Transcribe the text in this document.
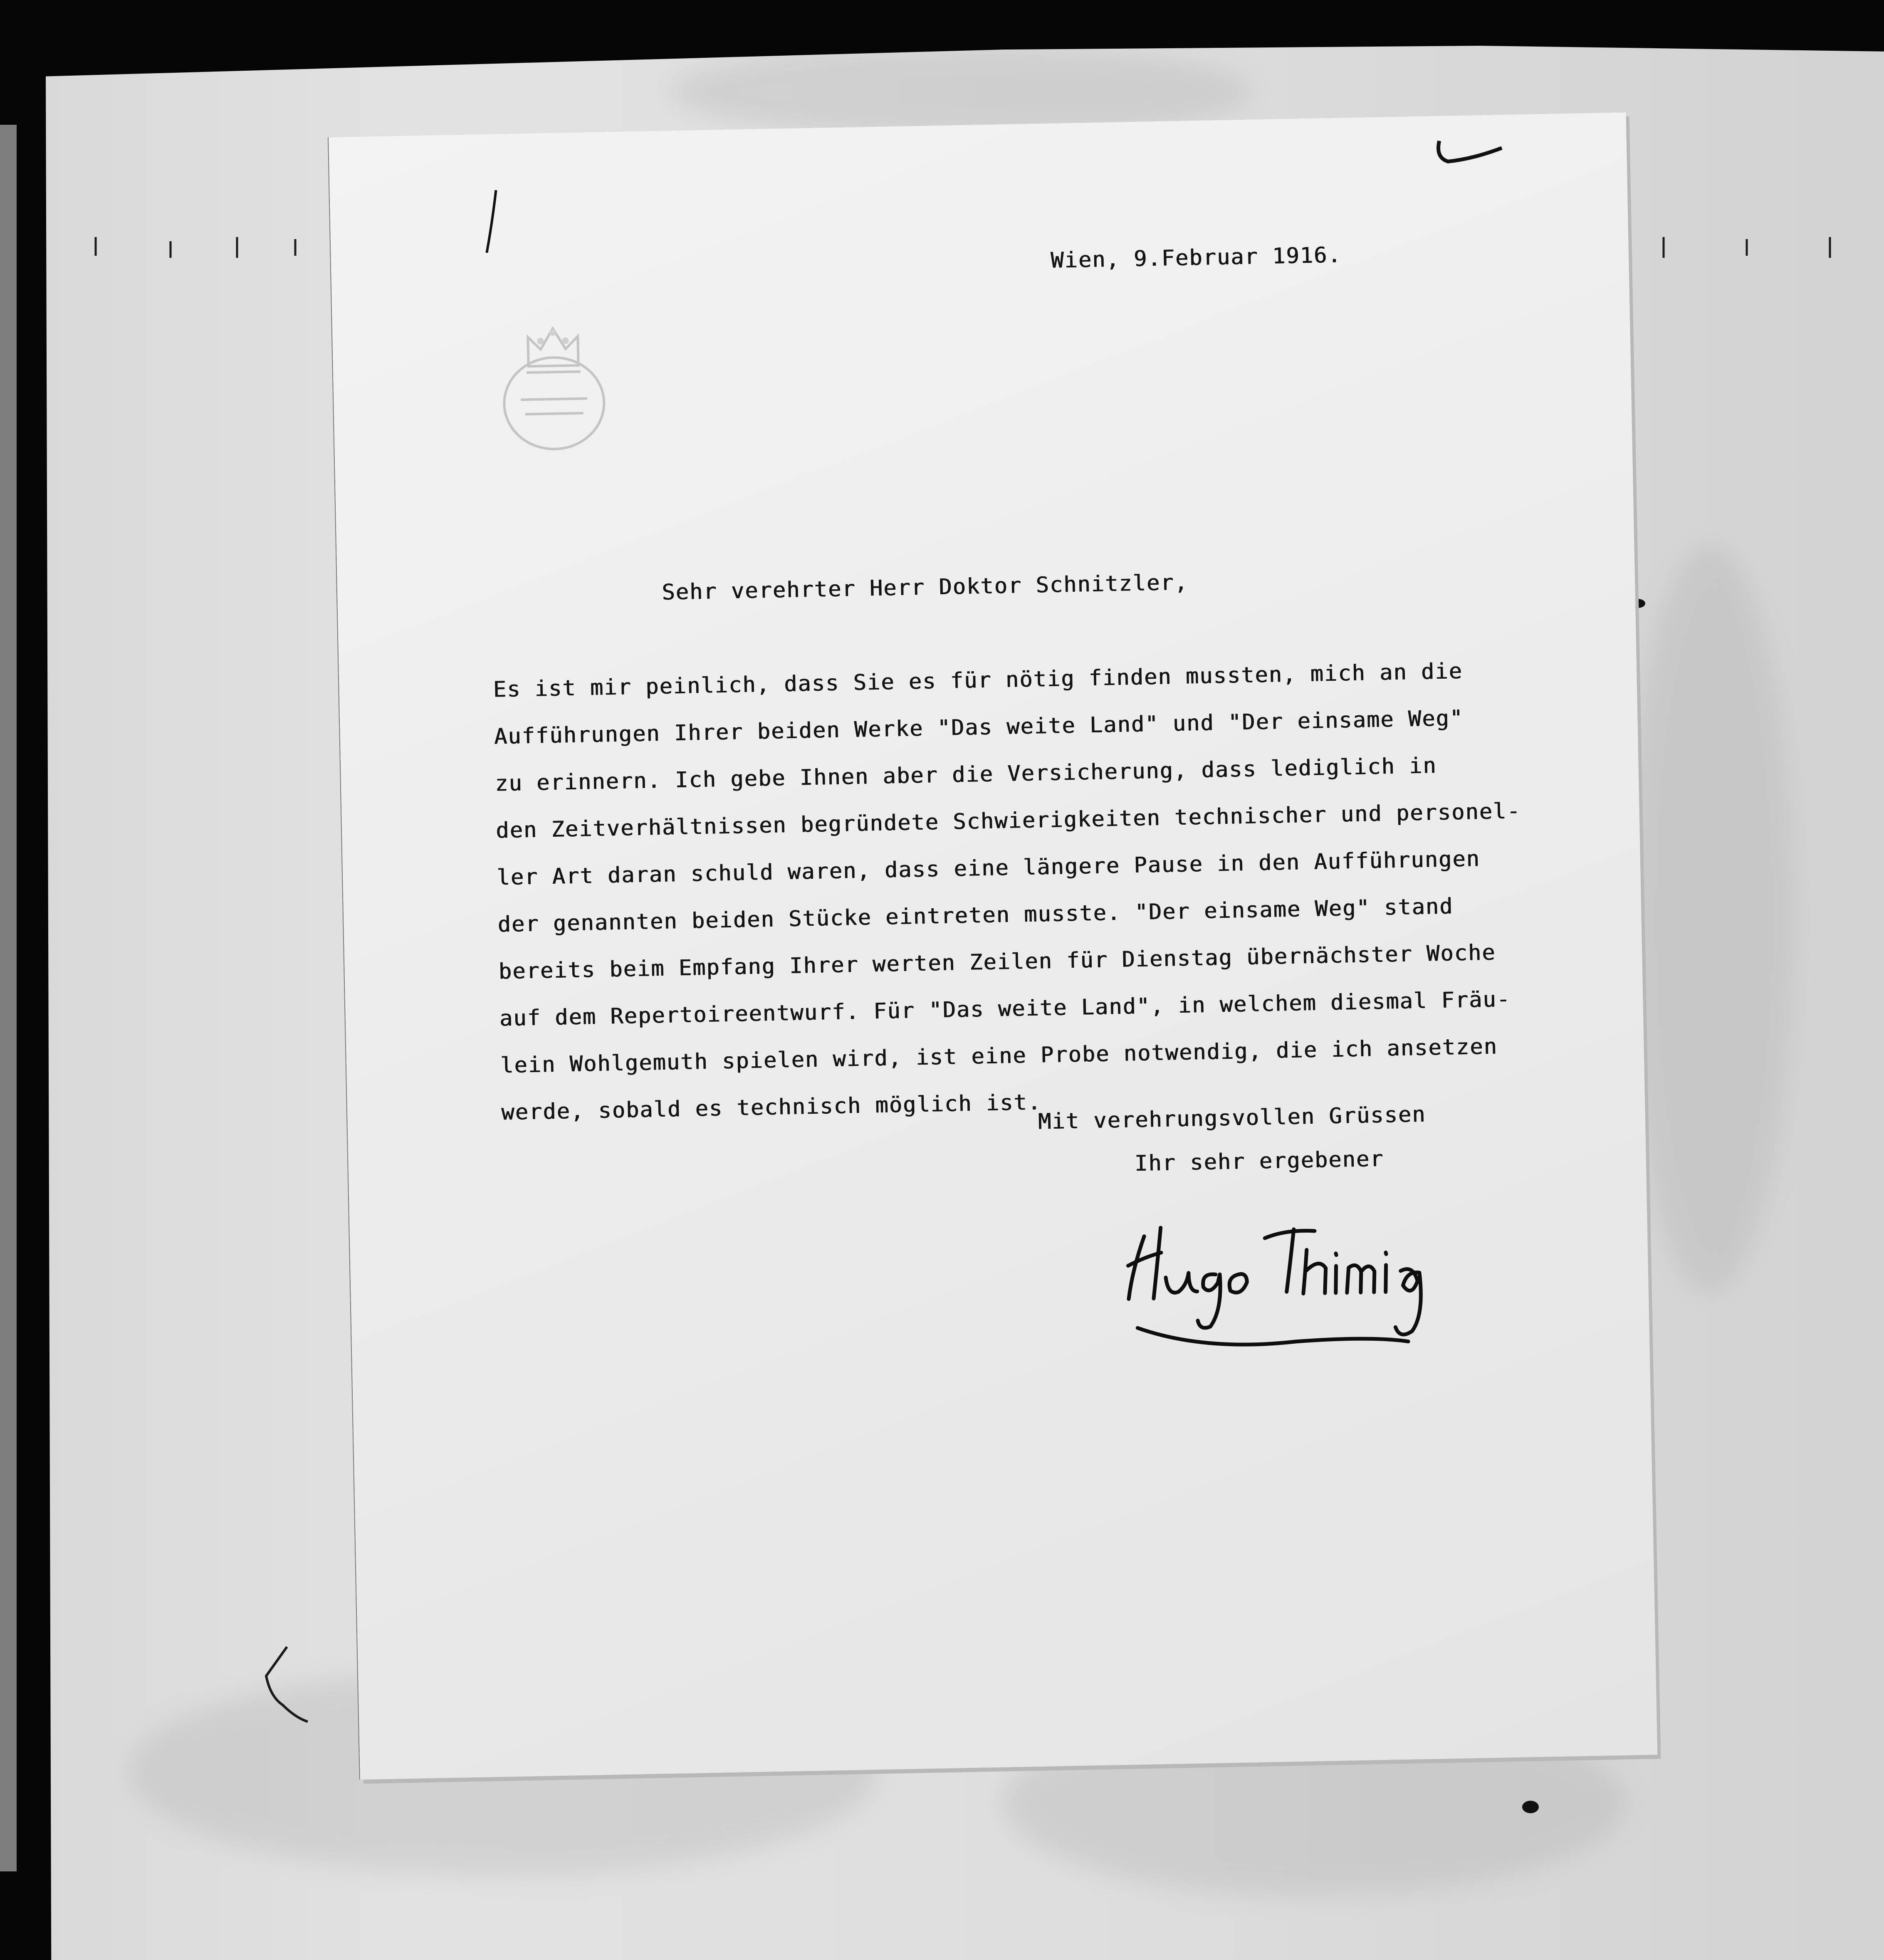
Wien, 9.Februar 1916.
Sehr verehrter Herr Doktor Schnitzler,
Es ist mir peinlich, dass Sie es für nötig finden mussten, mich an die
Aufführungen Ihrer beiden Werke "Das weite Land" und "Der einsame Weg"
zu erinnern. Ich gebe Ihnen aber die Versicherung, dass lediglich in
den Zeitverhältnissen begründete Schwierigkeiten technischer und personel-
ler Art daran schuld waren, dass eine längere Pause in den Aufführungen
der genannten beiden Stücke eintreten musste. "Der einsame Weg" stand
bereits beim Empfang Ihrer werten Zeilen für Dienstag übernächster Woche
auf dem Repertoireentwurf. Für "Das weite Land", in welchem diesmal Fräu-
lein Wohlgemuth spielen wird, ist eine Probe notwendig, die ich ansetzen
werde, sobald es technisch möglich ist.
Mit verehrungsvollen Grüssen
Ihr sehr ergebener
